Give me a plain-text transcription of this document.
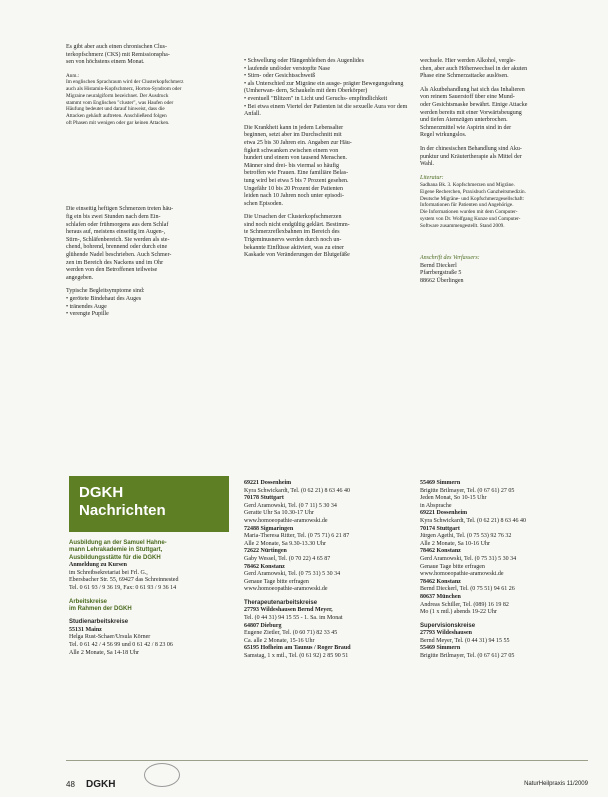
Es gibt aber auch einen chronischen Clus-

terkopfschmerz (CKS) mit Remissionspha-

sen von höchstens einem Monat.

Anm.:

Im englischen Sprachraum wird der Clusterkopfschmerz

auch als Histamin-Kopfschmerz, Horton-Syndrom oder

Migraine neuralgiform bezeichnet. Der Ausdruck

stammt vom Englischen "cluster", was Haufen oder

Häufung bedeutet und darauf hinweist, dass die

Attacken gehäuft auftreten. Anschließend folgen

oft Phasen mit wenigen oder gar keinen Attacken.

Die einseitig heftigen Schmerzen treten häu-

fig ein bis zwei Stunden nach dem Ein-

schlafen oder frühmorgens aus dem Schlaf

heraus auf, meistens einseitig im Augen-,

Stirn-, Schläfenbereich. Sie werden als ste-

chend, bohrend, brennend oder durch eine

glühende Nadel beschrieben. Auch Schmer-

zen im Bereich des Nackens und im Ohr

werden von den Betroffenen teilweise

angegeben.

Typische Begleitsymptome sind:

• gerötete Bindehaut des Auges
• tränendes Auge
• verengte Pupille
• Schwellung oder Hängenbleiben des Augenlides
• laufende und/oder verstopfte Nase
• Stirn- oder Gesichtsschweiß
• als Unterschied zur Migräne ein ausge- prägter Bewegungsdrang (Umherwan- dern, Schaukeln mit dem Oberkörper)
• eventuell "Blitzen" in Licht und Geruchs- empfindlichkeit
• Bei etwa einem Viertel der Patienten ist die sexuelle Aura vor dem Anfall.

Die Krankheit kann in jedem Lebensalter

beginnen, setzt aber im Durchschnitt mit

etwa 25 bis 30 Jahren ein. Angaben zur Häu-

figkeit schwanken zwischen einem von

hundert und einem von tausend Menschen.

Männer sind drei- bis viermal so häufig

betroffen wie Frauen. Eine familiäre Belas-

tung wird bei etwa 5 bis 7 Prozent gesehen.

Ungefähr 10 bis 20 Prozent der Patienten

leiden nach 10 Jahren noch unter episodi-

schen Episoden.

Die Ursachen der Clusterkopfschmerzen

sind noch nicht endgültig geklärt. Bestimm-

te Schmerzreflexbahnen im Bereich des

Trigeminusnervs werden durch noch un-

bekannte Einflüsse aktiviert, was zu einer

Kaskade von Veränderungen der Blutgefäße

wechsele. Hier werden Alkohol, vergle-

chen, aber auch Höhenwechsel in der akuten

Phase eine Schmerzattacke auslösen.

Als Akutbehandlung hat sich das Inhalieren

von reinem Sauerstoff über eine Mund-

oder Gesichtsmaske bewährt. Einige Attacke

werden bereits mit einer Vorwärtsbeugung

und tiefen Atemzügen unterbrochen.

Schmerzmittel wie Aspirin sind in der

Regel wirkungslos.

In der chinesischen Behandlung sind Aku-

punktur und Kräutertherapie als Mittel der

Wahl.

Literatur:

Sadhana Bk. 3. Kopfschmerzen und Migräne.

Eigene Recherchen, Praxisbuch Ganzheitsmedizin.

Deutsche Migräne- und Kopfschmerzgesellschaft:

Informationen für Patienten und Angehörige.

Die Informationen wurden mit dem Computer-

system von Dr. Wolfgang Kunze und Computer-

Software zusammengestellt. Stand 2009.

Anschrift des Verfassers:

Bernd Dieckerl

Pfarrbergstraße 5

88662 Überlingen

DGKH
Nachrichten

Ausbildung an der Samuel Hahne-

mann Lehrakademie in Stuttgart,

Ausbildungsstätte für die DGKH

Anmeldung zu Kursen

im Schreibsekretariat bei Frl. G.,

Ebersbacher Str. 55, 69427 das Schreinnested

Tel. 0 61 93 / 9 36 19, Fax: 0 61 93 / 9 36 14

Arbeitskreise

im Rahmen der DGKH

Studienarbeitskreise

55131 Mainz

Helga Rust-Schaer/Ursula Körner

Tel. 0 61 42 / 4 56 99 und 0 61 42 / 8 23 06

Alle 2 Monate, Sa 14-18 Uhr

69221 Dossenheim

Kyra Schwickardt, Tel. (0 62 21) 8 63 46 40

70178 Stuttgart

Gerd Aramowski, Tel. (0 7 11) 5 30 34

Geratte Uhr Sa 10.30-17 Uhr

www.homoeopathie-aramowski.de

72488 Sigmaringen

Maria-Theresa Ritter, Tel. (0 75 71) 6 21 87

Alle 2 Monate, Sa 9.30-13.30 Uhr

72622 Nürtingen

Gaby Wessel, Tel. (0 70 22) 4 65 87

78462 Konstanz

Gerd Aramowski, Tel. (0 75 31) 5 30 34

Genaue Tage bitte erfragen

www.homoeopathie-aramowski.de

Therapeutenarbeitskreise

27793 Wildeshausen Bernd Meyer,

Tel. (0 44 31) 94 15 55 - 1. Sa. im Monat

64807 Dieburg

Eugene Zietler, Tel. (0 60 71) 82 33 45

Ca. alle 2 Monate, 15-16 Uhr

65195 Hofheim am Taunus / Roger Braud

Samstag, 1 x mtl., Tel. (0 61 92) 2 85 90 51

55469 Simmern

Brigitte Brilmayer, Tel. (0 67 61) 27 05

Jeden Monat, So 10-15 Uhr

in Absprache

69221 Dossenheim

Kyra Schwickardt, Tel. (0 62 21) 8 63 46 40

70174 Stuttgart

Jürgen Agethi, Tel. (0 75 53) 92 76 32

Alle 2 Monate, Sa 10-16 Uhr

78462 Konstanz

Gerd Aramowski, Tel. (0 75 31) 5 30 34

Genaue Tage bitte erfragen

www.homoeopathie-aramowski.de

78462 Konstanz

Bernd Dieckerl, Tel. (0 75 51) 94 61 26

80637 München

Andreas Schiller, Tel. (089) 16 19 82

Mo (1 x mtl.) abends 19-22 Uhr

Supervisionskreise

27793 Wildeshausen

Bernd Meyer, Tel. (0 44 31) 94 15 55

55469 Simmern

Brigitte Brilmayer, Tel. (0 67 61) 27 05

48 DGKH	NaturHeilpraxis 11/2009
